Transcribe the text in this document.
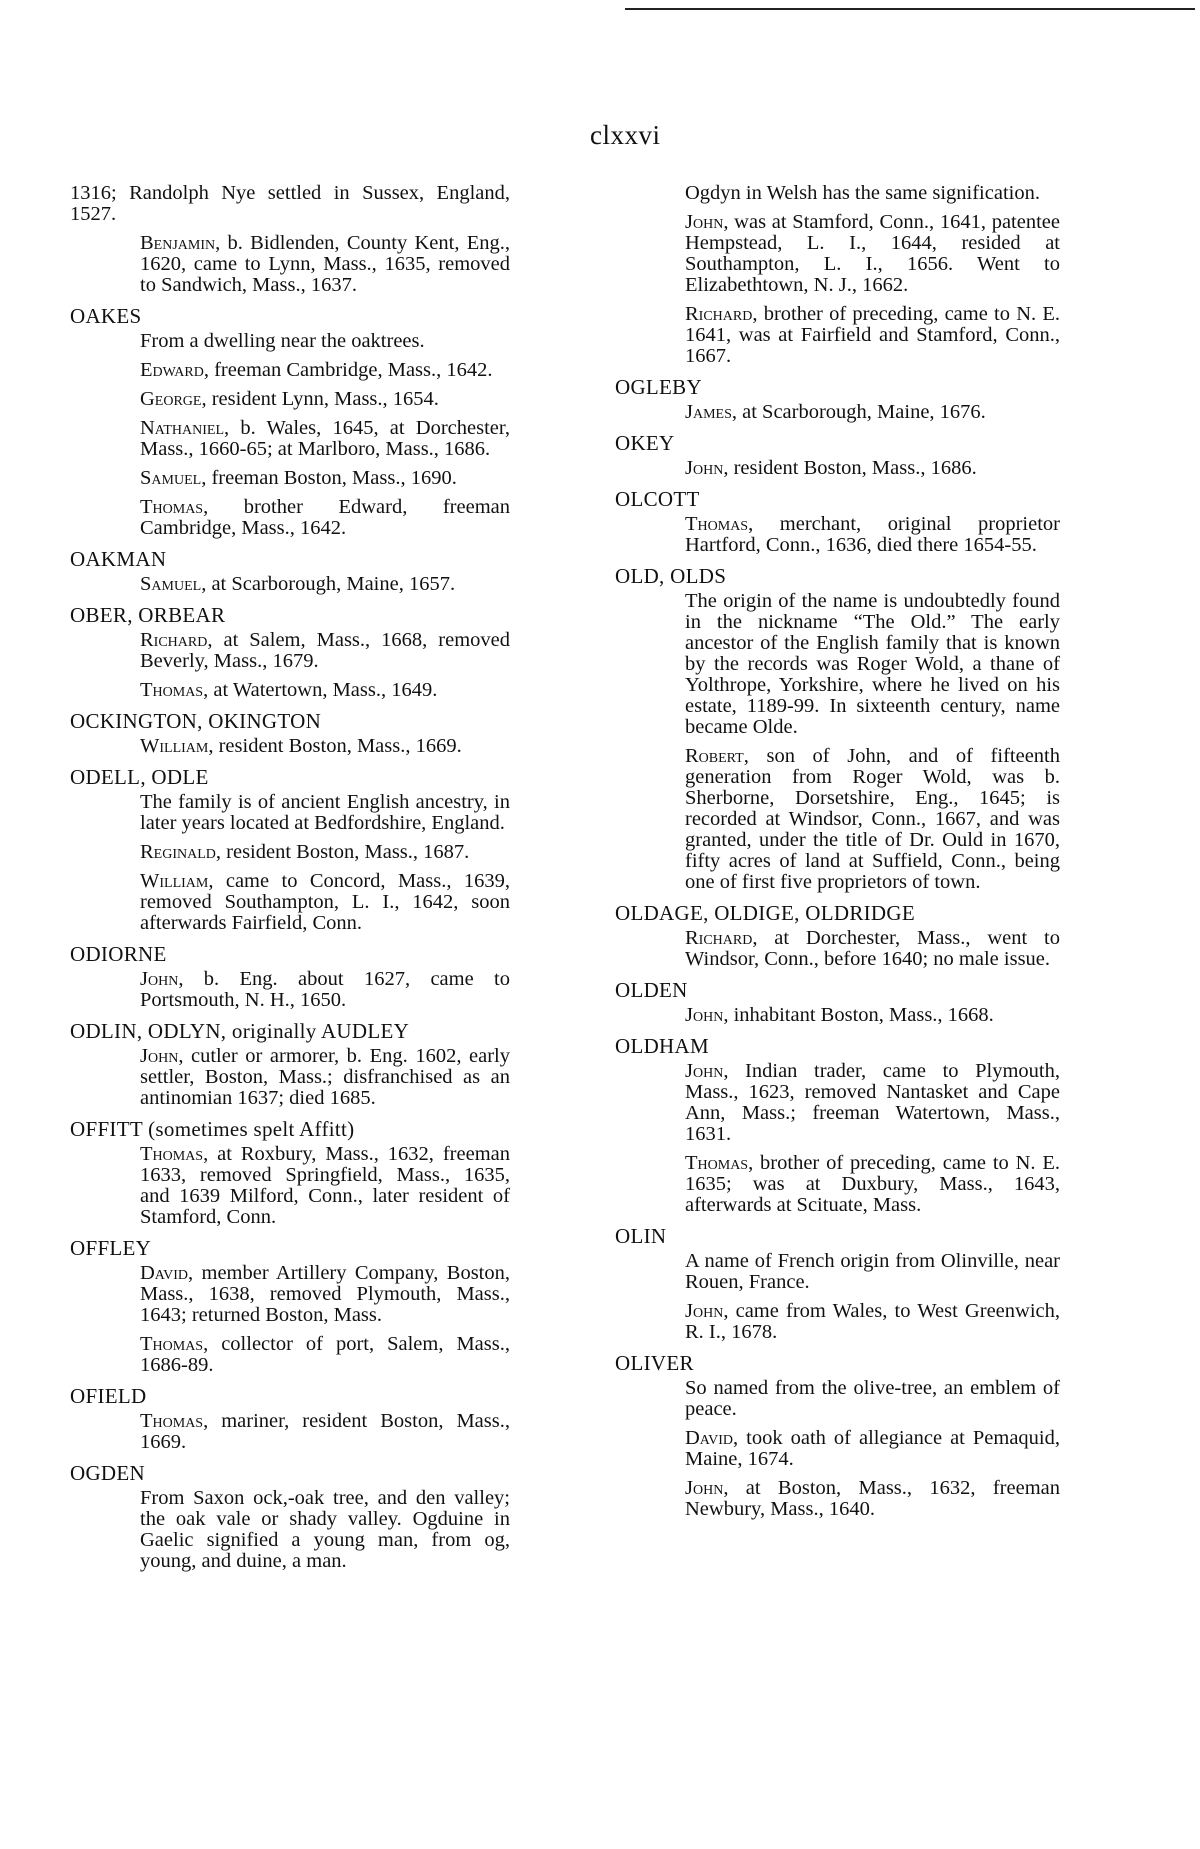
clxxvi
1316; Randolph Nye settled in Sussex, England, 1527.
Benjamin, b. Bidlenden, County Kent, Eng., 1620, came to Lynn, Mass., 1635, removed to Sandwich, Mass., 1637.
OAKES
From a dwelling near the oaktrees.
Edward, freeman Cambridge, Mass., 1642.
George, resident Lynn, Mass., 1654.
Nathaniel, b. Wales, 1645, at Dorchester, Mass., 1660-65; at Marlboro, Mass., 1686.
Samuel, freeman Boston, Mass., 1690.
Thomas, brother Edward, freeman Cambridge, Mass., 1642.
OAKMAN
Samuel, at Scarborough, Maine, 1657.
OBER, ORBEAR
Richard, at Salem, Mass., 1668, removed Beverly, Mass., 1679.
Thomas, at Watertown, Mass., 1649.
OCKINGTON, OKINGTON
William, resident Boston, Mass., 1669.
ODELL, ODLE
The family is of ancient English ancestry, in later years located at Bedfordshire, England.
Reginald, resident Boston, Mass., 1687.
William, came to Concord, Mass., 1639, removed Southampton, L. I., 1642, soon afterwards Fairfield, Conn.
ODIORNE
John, b. Eng. about 1627, came to Portsmouth, N. H., 1650.
ODLIN, ODLYN, originally AUDLEY
John, cutler or armorer, b. Eng. 1602, early settler, Boston, Mass.; disfranchised as an antinomian 1637; died 1685.
OFFITT (sometimes spelt Affitt)
Thomas, at Roxbury, Mass., 1632, freeman 1633, removed Springfield, Mass., 1635, and 1639 Milford, Conn., later resident of Stamford, Conn.
OFFLEY
David, member Artillery Company, Boston, Mass., 1638, removed Plymouth, Mass., 1643; returned Boston, Mass.
Thomas, collector of port, Salem, Mass., 1686-89.
OFIELD
Thomas, mariner, resident Boston, Mass., 1669.
OGDEN
From Saxon ock,-oak tree, and den valley; the oak vale or shady valley. Ogduine in Gaelic signified a young man, from og, young, and duine, a man.
Ogdyn in Welsh has the same signification.
John, was at Stamford, Conn., 1641, patentee Hempstead, L. I., 1644, resided at Southampton, L. I., 1656. Went to Elizabethtown, N. J., 1662.
Richard, brother of preceding, came to N. E. 1641, was at Fairfield and Stamford, Conn., 1667.
OGLEBY
James, at Scarborough, Maine, 1676.
OKEY
John, resident Boston, Mass., 1686.
OLCOTT
Thomas, merchant, original proprietor Hartford, Conn., 1636, died there 1654-55.
OLD, OLDS
The origin of the name is undoubtedly found in the nickname “The Old.” The early ancestor of the English family that is known by the records was Roger Wold, a thane of Yolthrope, Yorkshire, where he lived on his estate, 1189-99. In sixteenth century, name became Olde.
Robert, son of John, and of fifteenth generation from Roger Wold, was b. Sherborne, Dorsetshire, Eng., 1645; is recorded at Windsor, Conn., 1667, and was granted, under the title of Dr. Ould in 1670, fifty acres of land at Suffield, Conn., being one of first five proprietors of town.
OLDAGE, OLDIGE, OLDRIDGE
Richard, at Dorchester, Mass., went to Windsor, Conn., before 1640; no male issue.
OLDEN
John, inhabitant Boston, Mass., 1668.
OLDHAM
John, Indian trader, came to Plymouth, Mass., 1623, removed Nantasket and Cape Ann, Mass.; freeman Watertown, Mass., 1631.
Thomas, brother of preceding, came to N. E. 1635; was at Duxbury, Mass., 1643, afterwards at Scituate, Mass.
OLIN
A name of French origin from Olinville, near Rouen, France.
John, came from Wales, to West Greenwich, R. I., 1678.
OLIVER
So named from the olive-tree, an emblem of peace.
David, took oath of allegiance at Pemaquid, Maine, 1674.
John, at Boston, Mass., 1632, freeman Newbury, Mass., 1640.
